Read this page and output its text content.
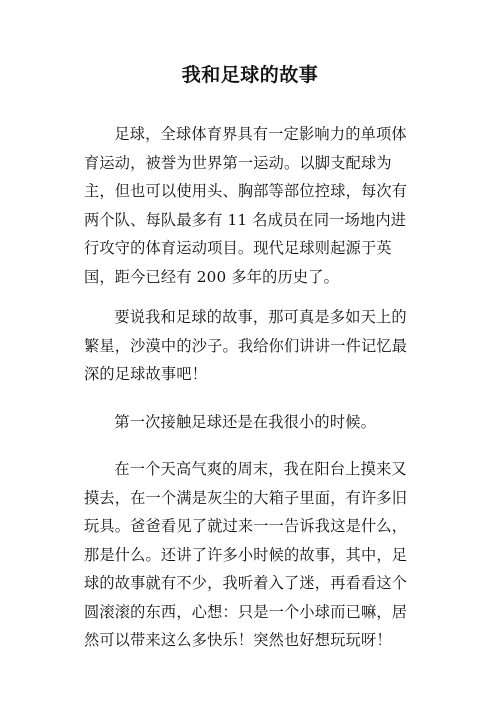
我和足球的故事

足球，全球体育界具有一定影响力的单项体育运动，被誉为世界第一运动。以脚支配球为主，但也可以使用头、胸部等部位控球，每次有两个队、每队最多有 11 名成员在同一场地内进行攻守的体育运动项目。现代足球则起源于英国，距今已经有 200 多年的历史了。

要说我和足球的故事，那可真是多如天上的繁星，沙漠中的沙子。我给你们讲讲一件记忆最深的足球故事吧！

第一次接触足球还是在我很小的时候。

在一个天高气爽的周末，我在阳台上摸来又摸去，在一个满是灰尘的大箱子里面，有许多旧玩具。爸爸看见了就过来一一告诉我这是什么，那是什么。还讲了许多小时候的故事，其中，足球的故事就有不少，我听着入了迷，再看看这个圆滚滚的东西，心想：只是一个小球而已嘛，居然可以带来这么多快乐！突然也好想玩玩呀！
